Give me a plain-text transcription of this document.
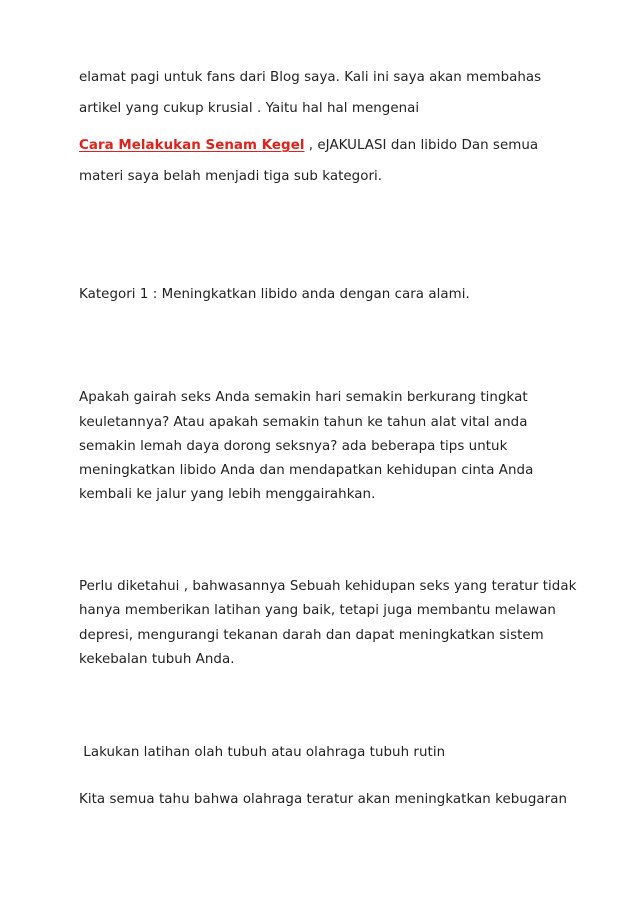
elamat pagi untuk fans dari Blog saya. Kali ini saya akan membahas
artikel yang cukup krusial . Yaitu hal hal mengenai
Cara Melakukan Senam Kegel , eJAKULASI dan libido Dan semua
materi saya belah menjadi tiga sub kategori.
Kategori 1 : Meningkatkan libido anda dengan cara alami.
Apakah gairah seks Anda semakin hari semakin berkurang tingkat
keuletannya? Atau apakah semakin tahun ke tahun alat vital anda
semakin lemah daya dorong seksnya? ada beberapa tips untuk
meningkatkan libido Anda dan mendapatkan kehidupan cinta Anda
kembali ke jalur yang lebih menggairahkan.
Perlu diketahui , bahwasannya Sebuah kehidupan seks yang teratur tidak
hanya memberikan latihan yang baik, tetapi juga membantu melawan
depresi, mengurangi tekanan darah dan dapat meningkatkan sistem
kekebalan tubuh Anda.
Lakukan latihan olah tubuh atau olahraga tubuh rutin
Kita semua tahu bahwa olahraga teratur akan meningkatkan kebugaran
